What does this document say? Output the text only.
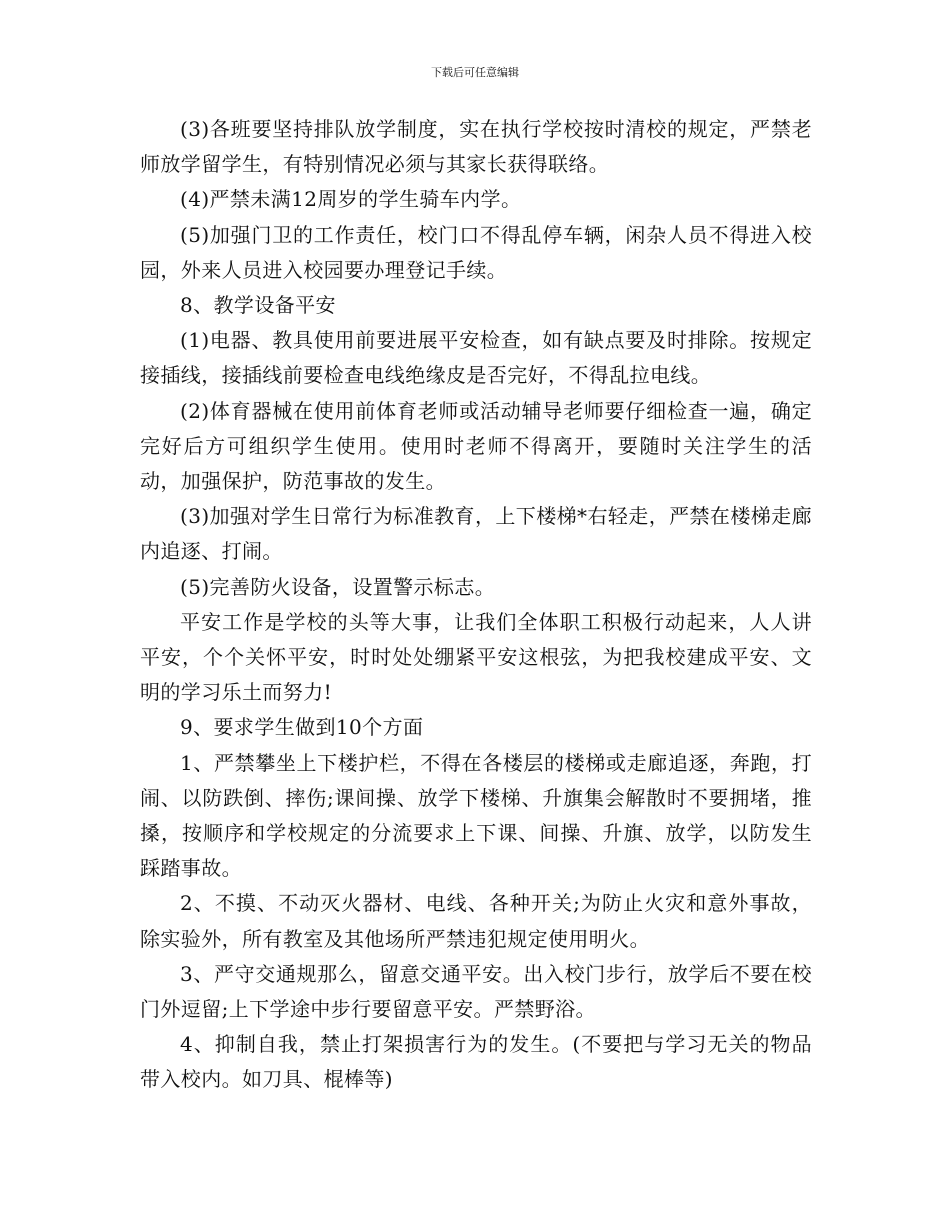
下载后可任意编辑

(3)各班要坚持排队放学制度，实在执行学校按时清校的规定，严禁老师放学留学生，有特别情况必须与其家长获得联络。

(4)严禁未满12周岁的学生骑车内学。

(5)加强门卫的工作责任，校门口不得乱停车辆，闲杂人员不得进入校园，外来人员进入校园要办理登记手续。

8、教学设备平安

(1)电器、教具使用前要进展平安检查，如有缺点要及时排除。按规定接插线，接插线前要检查电线绝缘皮是否完好，不得乱拉电线。

(2)体育器械在使用前体育老师或活动辅导老师要仔细检查一遍，确定完好后方可组织学生使用。使用时老师不得离开，要随时关注学生的活动，加强保护，防范事故的发生。

(3)加强对学生日常行为标准教育，上下楼梯*右轻走，严禁在楼梯走廊内追逐、打闹。

(5)完善防火设备，设置警示标志。

平安工作是学校的头等大事，让我们全体职工积极行动起来，人人讲平安，个个关怀平安，时时处处绷紧平安这根弦，为把我校建成平安、文明的学习乐土而努力!

9、要求学生做到10个方面

1、严禁攀坐上下楼护栏，不得在各楼层的楼梯或走廊追逐，奔跑，打闹、以防跌倒、摔伤;课间操、放学下楼梯、升旗集会解散时不要拥堵，推搡，按顺序和学校规定的分流要求上下课、间操、升旗、放学，以防发生踩踏事故。

2、不摸、不动灭火器材、电线、各种开关;为防止火灾和意外事故，除实验外，所有教室及其他场所严禁违犯规定使用明火。

3、严守交通规那么，留意交通平安。出入校门步行，放学后不要在校门外逗留;上下学途中步行要留意平安。严禁野浴。

4、抑制自我，禁止打架损害行为的发生。(不要把与学习无关的物品带入校内。如刀具、棍棒等)
